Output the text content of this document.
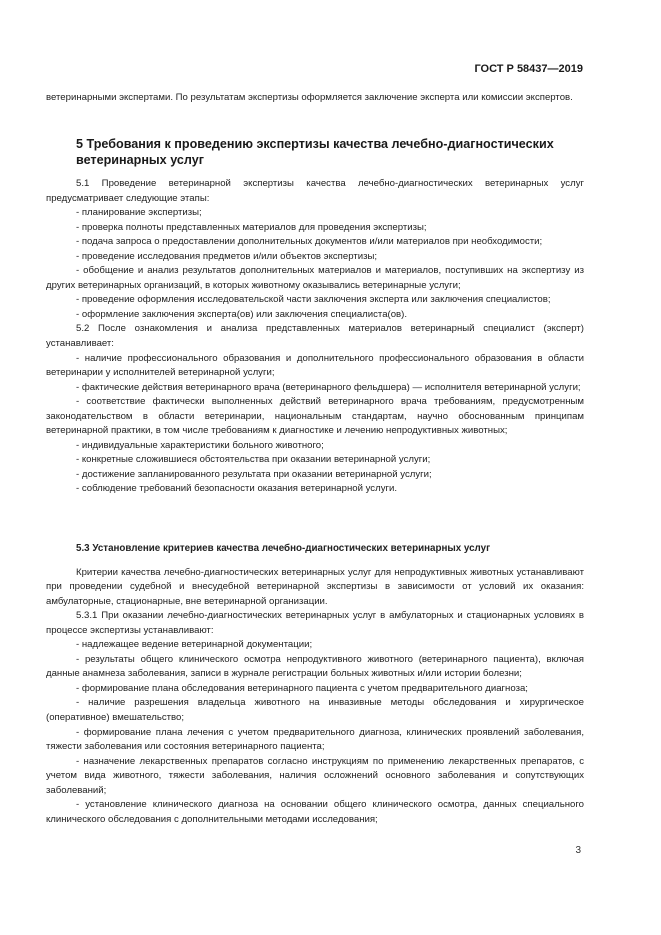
ГОСТ Р 58437—2019

ветеринарными экспертами. По результатам экспертизы оформляется заключение эксперта или комиссии экспертов.

5 Требования к проведению экспертизы качества лечебно-диагностических ветеринарных услуг

5.1 Проведение ветеринарной экспертизы качества лечебно-диагностических ветеринарных услуг предусматривает следующие этапы:

- планирование экспертизы;

- проверка полноты представленных материалов для проведения экспертизы;

- подача запроса о предоставлении дополнительных документов и/или материалов при необходимости;

- проведение исследования предметов и/или объектов экспертизы;

- обобщение и анализ результатов дополнительных материалов и материалов, поступивших на экспертизу из других ветеринарных организаций, в которых животному оказывались ветеринарные услуги;

- проведение оформления исследовательской части заключения эксперта или заключения специалистов;

- оформление заключения эксперта(ов) или заключения специалиста(ов).

5.2 После ознакомления и анализа представленных материалов ветеринарный специалист (эксперт) устанавливает:

- наличие профессионального образования и дополнительного профессионального образования в области ветеринарии у исполнителей ветеринарной услуги;

- фактические действия ветеринарного врача (ветеринарного фельдшера) — исполнителя ветеринарной услуги;

- соответствие фактически выполненных действий ветеринарного врача требованиям, предусмотренным законодательством в области ветеринарии, национальным стандартам, научно обоснованным принципам ветеринарной практики, в том числе требованиям к диагностике и лечению непродуктивных животных;

- индивидуальные характеристики больного животного;

- конкретные сложившиеся обстоятельства при оказании ветеринарной услуги;

- достижение запланированного результата при оказании ветеринарной услуги;

- соблюдение требований безопасности оказания ветеринарной услуги.

5.3 Установление критериев качества лечебно-диагностических ветеринарных услуг

Критерии качества лечебно-диагностических ветеринарных услуг для непродуктивных животных устанавливают при проведении судебной и внесудебной ветеринарной экспертизы в зависимости от условий их оказания: амбулаторные, стационарные, вне ветеринарной организации.

5.3.1 При оказании лечебно-диагностических ветеринарных услуг в амбулаторных и стационарных условиях в процессе экспертизы устанавливают:

- надлежащее ведение ветеринарной документации;

- результаты общего клинического осмотра непродуктивного животного (ветеринарного пациента), включая данные анамнеза заболевания, записи в журнале регистрации больных животных и/или истории болезни;

- формирование плана обследования ветеринарного пациента с учетом предварительного диагноза;

- наличие разрешения владельца животного на инвазивные методы обследования и хирургическое (оперативное) вмешательство;

- формирование плана лечения с учетом предварительного диагноза, клинических проявлений заболевания, тяжести заболевания или состояния ветеринарного пациента;

- назначение лекарственных препаратов согласно инструкциям по применению лекарственных препаратов, с учетом вида животного, тяжести заболевания, наличия осложнений основного заболевания и сопутствующих заболеваний;

- установление клинического диагноза на основании общего клинического осмотра, данных специального клинического обследования с дополнительными методами исследования;

3
